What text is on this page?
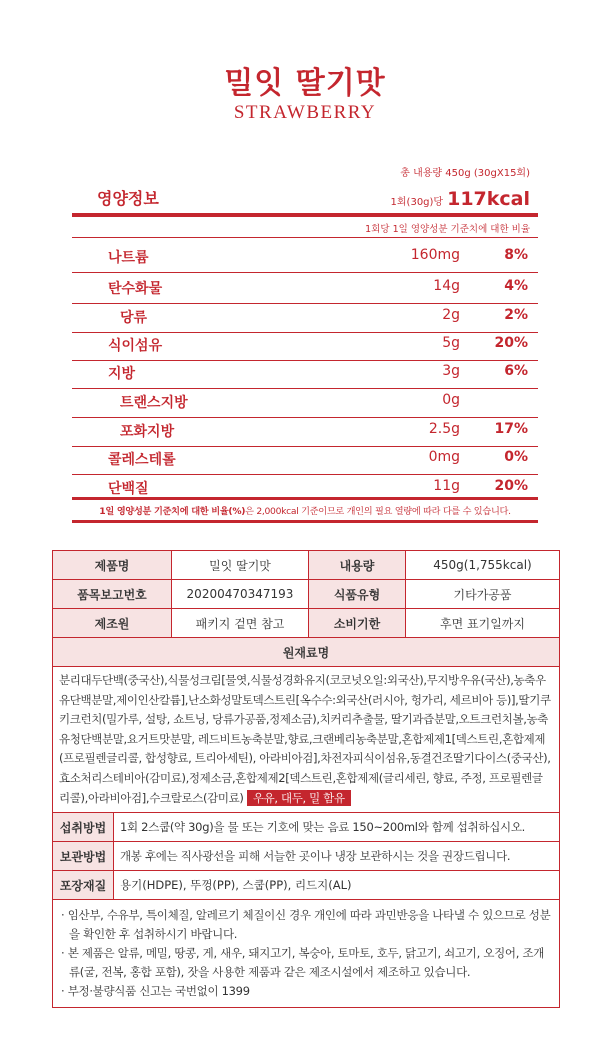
밀잇 딸기맛
STRAWBERRY
영양정보
총 내용량 450g (30gX15회)
1회(30g)당 117kcal
1회당 1일 영양성분 기준치에 대한 비율
나트륨	160mg	8%
탄수화물	14g	4%
당류	2g	2%
식이섬유	5g 20%
지방	3g	6%
트랜스지방	0g
포화지방	2.5g 17%
콜레스테롤	0mg	0%
단백질	11g 20%
1일 영양성분 기준치에 대한 비율(%)은 2,000kcal 기준이므로 개인의 필요 열량에 따라 다를 수 있습니다.
제품명	밀잇 딸기맛	내용량	450g(1,755kcal)
품목보고번호	20200470347193	식품유형	기타가공품
제조원	패키지 겉면 참고	소비기한	후면 표기일까지
원재료명
분리대두단백(중국산),식물성크림[물엿,식물성경화유지(코코넛오일:외국산),무지방우유(국산),농축우유단백분말,제이인산칼륨],난소화성말토덱스트린[옥수수:외국산(러시아, 헝가리, 세르비아 등)],딸기쿠키크런치(밀가루, 설탕, 쇼트닝, 당류가공품,정제소금),치커리추출물, 딸기과즙분말,오트크런치볼,농축유청단백분말,요거트맛분말, 레드비트농축분말,향료,크랜베리농축분말,혼합제제1[덱스트린,혼합제제(프로필렌글리콜, 합성향료, 트리아세틴), 아라비아검],차전자피식이섬유,동결건조딸기다이스(중국산),효소처리스테비아(감미료),정제소금,혼합제제2[덱스트린,혼합제제(글리세린, 향료, 주정, 프로필렌글리콜),아라비아검],수크랄로스(감미료) 우유, 대두, 밀 함유
섭취방법	1회 2스쿱(약 30g)을 물 또는 기호에 맞는 음료 150~200ml와 함께 섭취하십시오.
보관방법	개봉 후에는 직사광선을 피해 서늘한 곳이나 냉장 보관하시는 것을 권장드립니다.
포장재질	용기(HDPE), 뚜껑(PP), 스쿱(PP), 리드지(AL)
· 임산부, 수유부, 특이체질, 알레르기 체질이신 경우 개인에 따라 과민반응을 나타낼 수 있으므로 성분을 확인한 후 섭취하시기 바랍니다.
· 본 제품은 알류, 메밀, 땅콩, 게, 새우, 돼지고기, 복숭아, 토마토, 호두, 닭고기, 쇠고기, 오징어, 조개류(굴, 전복, 홍합 포함), 잣을 사용한 제품과 같은 제조시설에서 제조하고 있습니다.
· 부정·불량식품 신고는 국번없이 1399
